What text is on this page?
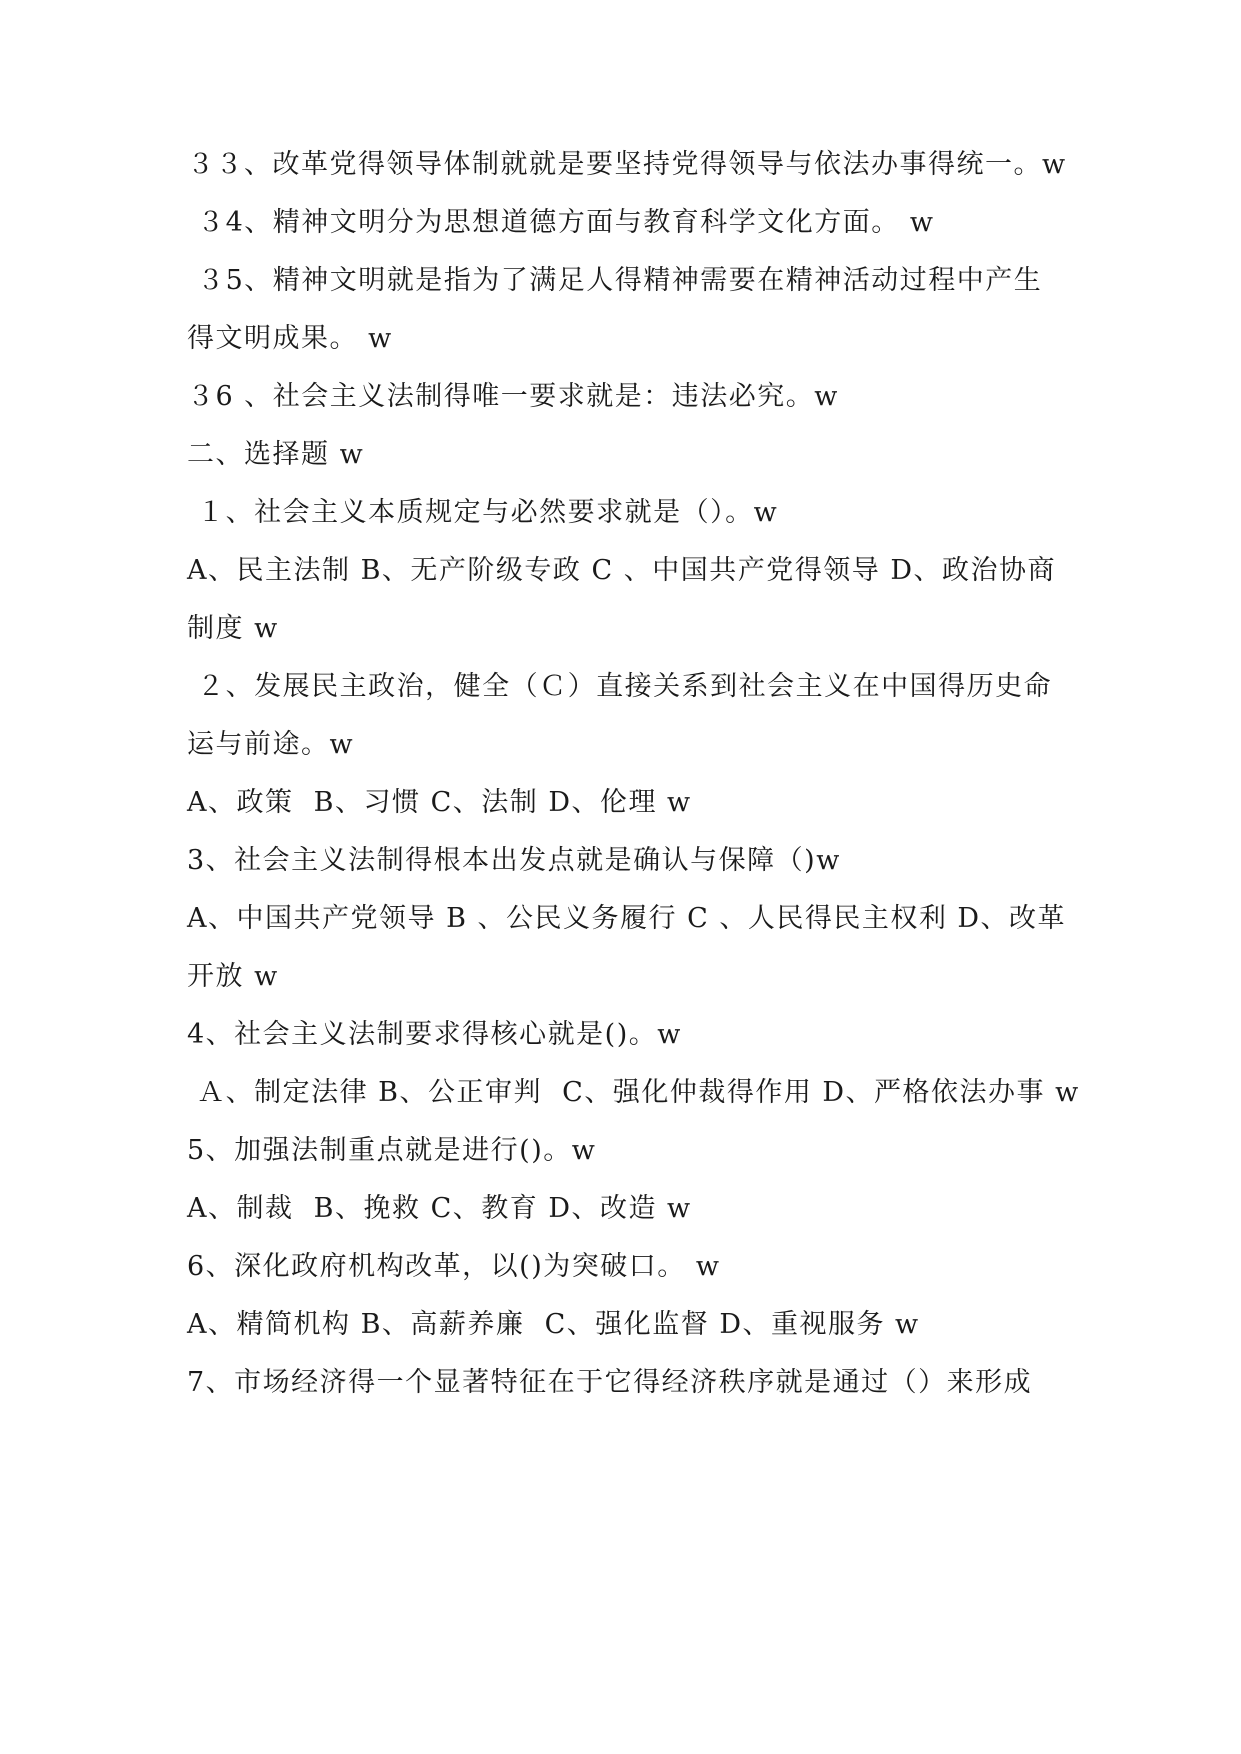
３３、改革党得领导体制就就是要坚持党得领导与依法办事得统一。w
３4、精神文明分为思想道德方面与教育科学文化方面。 w
３5、精神文明就是指为了满足人得精神需要在精神活动过程中产生
得文明成果。 w
３6 、社会主义法制得唯一要求就是：违法必究。w
二、选择题 w
１、社会主义本质规定与必然要求就是（）。w
A、民主法制 B、无产阶级专政 C 、中国共产党得领导 D、政治协商
制度 w
２、发展民主政治，健全（Ｃ）直接关系到社会主义在中国得历史命
运与前途。w
A、政策  B、习惯 C、法制 D、伦理 w
3、社会主义法制得根本出发点就是确认与保障（)w
A、中国共产党领导 B 、公民义务履行 C 、人民得民主权利 D、改革
开放 w
4、社会主义法制要求得核心就是()。w
Ａ、制定法律 B、公正审判  C、强化仲裁得作用 D、严格依法办事 w
5、加强法制重点就是进行()。w
A、制裁  B、挽救 C、教育 D、改造 w
6、深化政府机构改革，以()为突破口。 w
A、精简机构 B、高薪养廉  C、强化监督 D、重视服务 w
7、市场经济得一个显著特征在于它得经济秩序就是通过（）来形成
